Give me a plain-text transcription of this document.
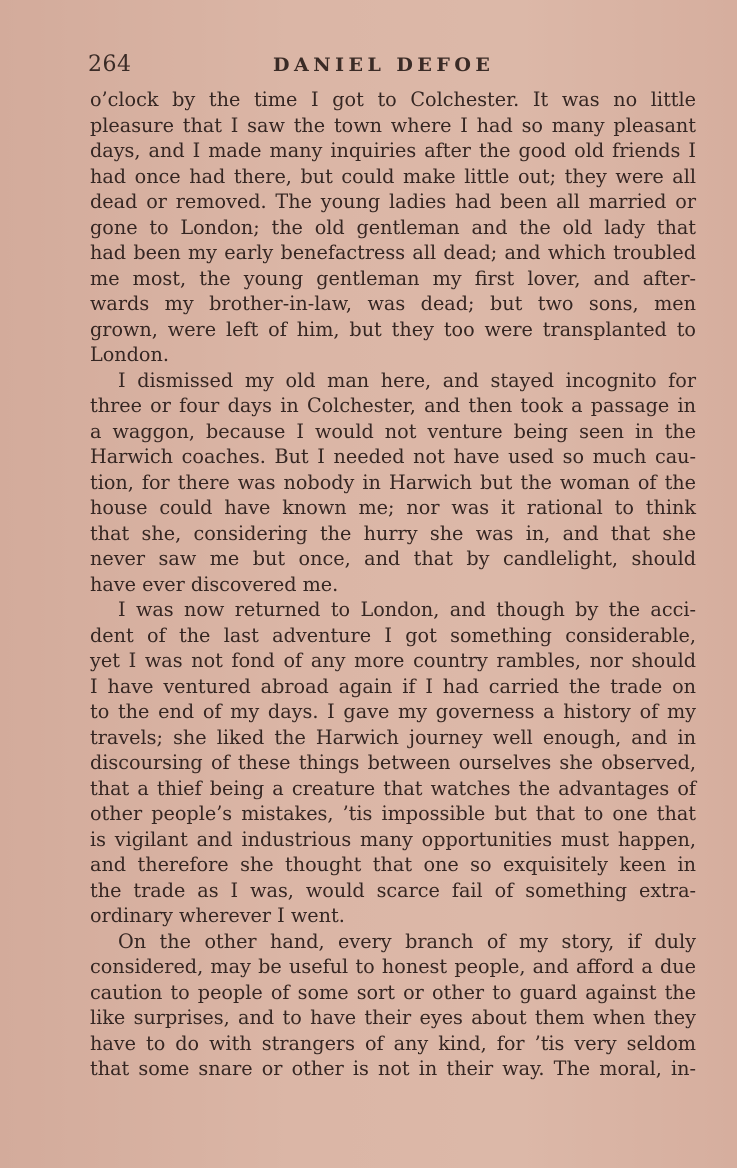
264	DANIEL DEFOE
o’clock by the time I got to Colchester. It was no little
pleasure that I saw the town where I had so many pleasant
days, and I made many inquiries after the good old friends I
had once had there, but could make little out; they were all
dead or removed. The young ladies had been all married or
gone to London; the old gentleman and the old lady that
had been my early benefactress all dead; and which troubled
me most, the young gentleman my first lover, and after-
wards my brother-in-law, was dead; but two sons, men
grown, were left of him, but they too were transplanted to
London.
I dismissed my old man here, and stayed incognito for
three or four days in Colchester, and then took a passage in
a waggon, because I would not venture being seen in the
Harwich coaches. But I needed not have used so much cau-
tion, for there was nobody in Harwich but the woman of the
house could have known me; nor was it rational to think
that she, considering the hurry she was in, and that she
never saw me but once, and that by candlelight, should
have ever discovered me.
I was now returned to London, and though by the acci-
dent of the last adventure I got something considerable,
yet I was not fond of any more country rambles, nor should
I have ventured abroad again if I had carried the trade on
to the end of my days. I gave my governess a history of my
travels; she liked the Harwich journey well enough, and in
discoursing of these things between ourselves she observed,
that a thief being a creature that watches the advantages of
other people’s mistakes, ’tis impossible but that to one that
is vigilant and industrious many opportunities must happen,
and therefore she thought that one so exquisitely keen in
the trade as I was, would scarce fail of something extra-
ordinary wherever I went.
On the other hand, every branch of my story, if duly
considered, may be useful to honest people, and afford a due
caution to people of some sort or other to guard against the
like surprises, and to have their eyes about them when they
have to do with strangers of any kind, for ’tis very seldom
that some snare or other is not in their way. The moral, in-
